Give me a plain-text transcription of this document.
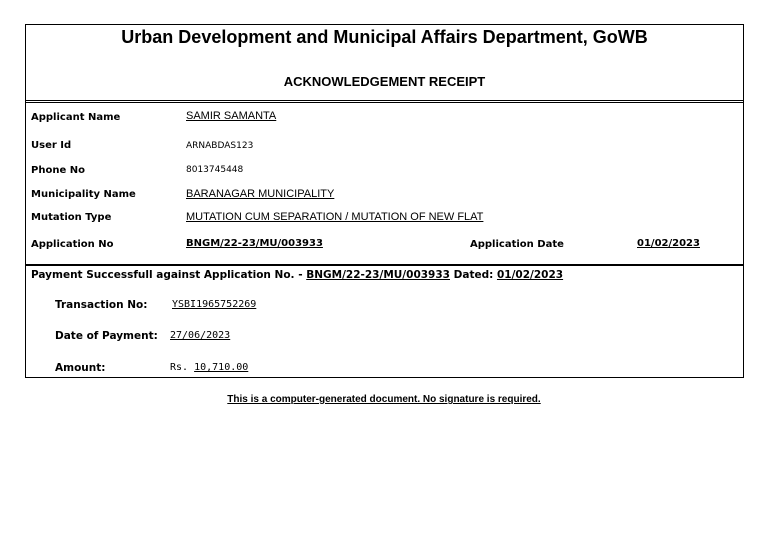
Urban Development and Municipal Affairs Department, GoWB
ACKNOWLEDGEMENT RECEIPT
Applicant Name	SAMIR SAMANTA
User Id	ARNABDAS123
Phone No	8013745448
Municipality Name	BARANAGAR MUNICIPALITY
Mutation Type	MUTATION CUM SEPARATION / MUTATION OF NEW FLAT
Application No	BNGM/22-23/MU/003933	Application Date	01/02/2023
Payment Successfull against Application No. - BNGM/22-23/MU/003933 Dated: 01/02/2023
Transaction No: YSBI1965752269
Date of Payment: 27/06/2023
Amount:	Rs. 10,710.00
This is a computer-generated document. No signature is required.
